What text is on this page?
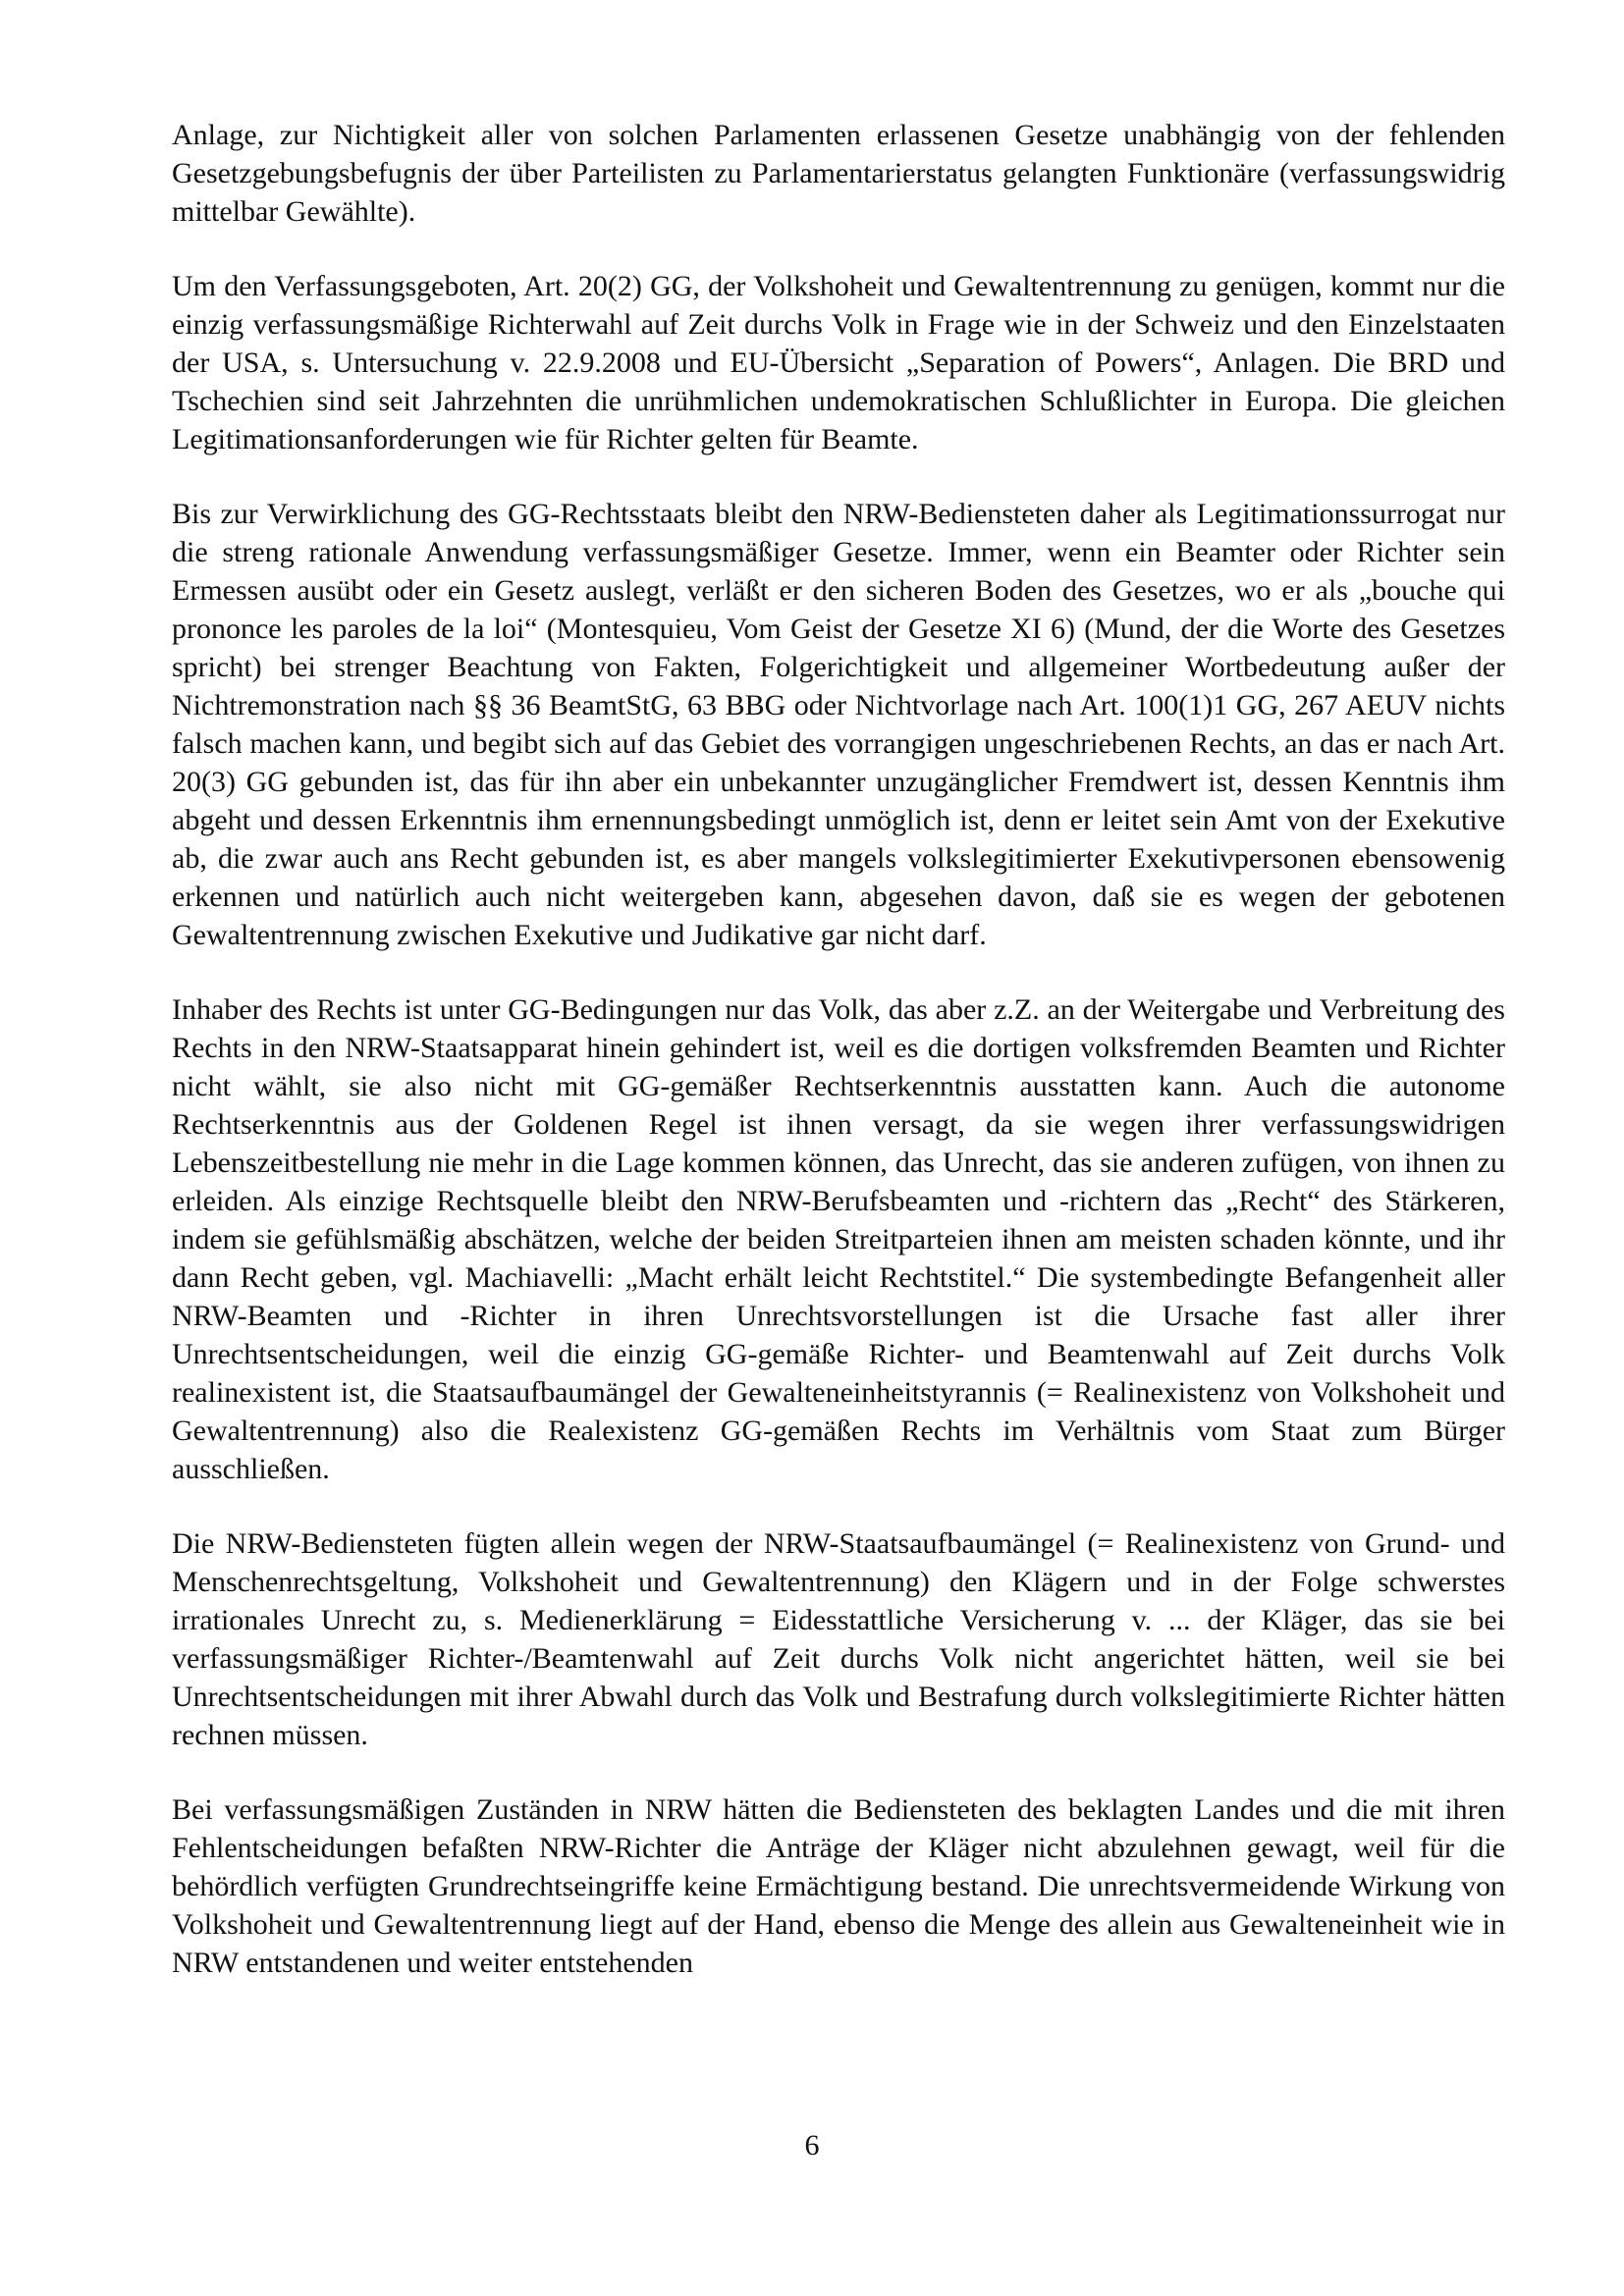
Anlage, zur Nichtigkeit aller von solchen Parlamenten erlassenen Gesetze unabhängig von der fehlenden Gesetzgebungsbefugnis der über Parteilisten zu Parlamentarierstatus gelangten Funktionäre (verfassungswidrig mittelbar Gewählte).

Um den Verfassungsgeboten, Art. 20(2) GG, der Volkshoheit und Gewaltentrennung zu genügen, kommt nur die einzig verfassungsmäßige Richterwahl auf Zeit durchs Volk in Frage wie in der Schweiz und den Einzelstaaten der USA, s. Untersuchung v. 22.9.2008 und EU-Übersicht „Separation of Powers“, Anlagen. Die BRD und Tschechien sind seit Jahrzehnten die unrühmlichen undemokratischen Schlußlichter in Europa. Die gleichen Legitimationsanforderungen wie für Richter gelten für Beamte.

Bis zur Verwirklichung des GG-Rechtsstaats bleibt den NRW-Bediensteten daher als Legitimationssurrogat nur die streng rationale Anwendung verfassungsmäßiger Gesetze. Immer, wenn ein Beamter oder Richter sein Ermessen ausübt oder ein Gesetz auslegt, verläßt er den sicheren Boden des Gesetzes, wo er als „bouche qui prononce les paroles de la loi“ (Montesquieu, Vom Geist der Gesetze XI 6) (Mund, der die Worte des Gesetzes spricht) bei strenger Beachtung von Fakten, Folgerichtigkeit und allgemeiner Wortbedeutung außer der Nichtremonstration nach §§ 36 BeamtStG, 63 BBG oder Nichtvorlage nach Art. 100(1)1 GG, 267 AEUV nichts falsch machen kann, und begibt sich auf das Gebiet des vorrangigen ungeschriebenen Rechts, an das er nach Art. 20(3) GG gebunden ist, das für ihn aber ein unbekannter unzugänglicher Fremdwert ist, dessen Kenntnis ihm abgeht und dessen Erkenntnis ihm ernennungsbedingt unmöglich ist, denn er leitet sein Amt von der Exekutive ab, die zwar auch ans Recht gebunden ist, es aber mangels volkslegitimierter Exekutivpersonen ebensowenig erkennen und natürlich auch nicht weitergeben kann, abgesehen davon, daß sie es wegen der gebotenen Gewaltentrennung zwischen Exekutive und Judikative gar nicht darf.

Inhaber des Rechts ist unter GG-Bedingungen nur das Volk, das aber z.Z. an der Weitergabe und Verbreitung des Rechts in den NRW-Staatsapparat hinein gehindert ist, weil es die dortigen volksfremden Beamten und Richter nicht wählt, sie also nicht mit GG-gemäßer Rechtserkenntnis ausstatten kann. Auch die autonome Rechtserkenntnis aus der Goldenen Regel ist ihnen versagt, da sie wegen ihrer verfassungswidrigen Lebenszeitbestellung nie mehr in die Lage kommen können, das Unrecht, das sie anderen zufügen, von ihnen zu erleiden. Als einzige Rechtsquelle bleibt den NRW-Berufsbeamten und -richtern das „Recht“ des Stärkeren, indem sie gefühlsmäßig abschätzen, welche der beiden Streitparteien ihnen am meisten schaden könnte, und ihr dann Recht geben, vgl. Machiavelli: „Macht erhält leicht Rechtstitel.“ Die systembedingte Befangenheit aller NRW-Beamten und -Richter in ihren Unrechtsvorstellungen ist die Ursache fast aller ihrer Unrechtsentscheidungen, weil die einzig GG-gemäße Richter- und Beamtenwahl auf Zeit durchs Volk realinexistent ist, die Staatsaufbaumängel der Gewalteneinheitstyrannis (= Realinexistenz von Volkshoheit und Gewaltentrennung) also die Realexistenz GG-gemäßen Rechts im Verhältnis vom Staat zum Bürger ausschließen.

Die NRW-Bediensteten fügten allein wegen der NRW-Staatsaufbaumängel (= Realinexistenz von Grund- und Menschenrechtsgeltung, Volkshoheit und Gewaltentrennung) den Klägern und in der Folge schwerstes irrationales Unrecht zu, s. Medienerklärung = Eidesstattliche Versicherung v. ... der Kläger, das sie bei verfassungsmäßiger Richter-/Beamtenwahl auf Zeit durchs Volk nicht angerichtet hätten, weil sie bei Unrechtsentscheidungen mit ihrer Abwahl durch das Volk und Bestrafung durch volkslegitimierte Richter hätten rechnen müssen.

Bei verfassungsmäßigen Zuständen in NRW hätten die Bediensteten des beklagten Landes und die mit ihren Fehlentscheidungen befaßten NRW-Richter die Anträge der Kläger nicht abzulehnen gewagt, weil für die behördlich verfügten Grundrechtseingriffe keine Ermächtigung bestand. Die unrechtsvermeidende Wirkung von Volkshoheit und Gewaltentrennung liegt auf der Hand, ebenso die Menge des allein aus Gewalteneinheit wie in NRW entstandenen und weiter entstehenden

6
